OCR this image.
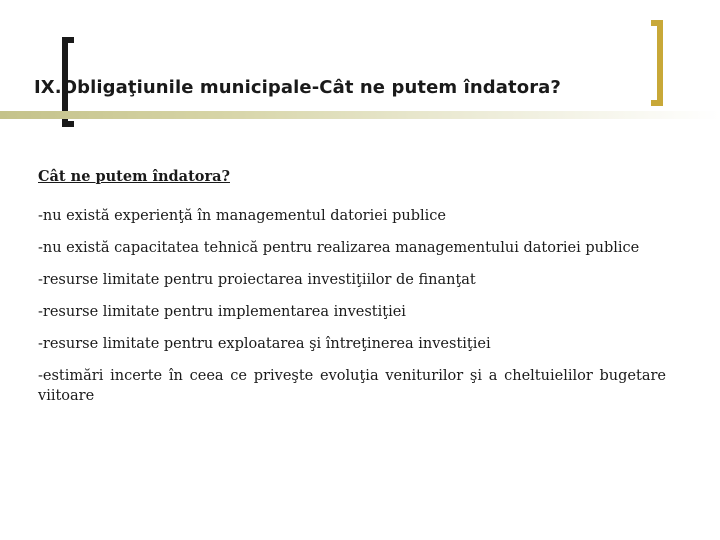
IX.Obligaţiunile municipale-Cât ne putem îndatora?

Cât ne putem îndatora?

-nu există experienţă în managementul datoriei publice

-nu există capacitatea tehnică pentru realizarea managementului datoriei publice

-resurse limitate pentru proiectarea investiţiilor de finanţat

-resurse limitate pentru implementarea investiţiei

-resurse limitate pentru exploatarea şi întreţinerea investiţiei

-estimări incerte în ceea ce priveşte evoluţia veniturilor şi a cheltuielilor bugetare viitoare
